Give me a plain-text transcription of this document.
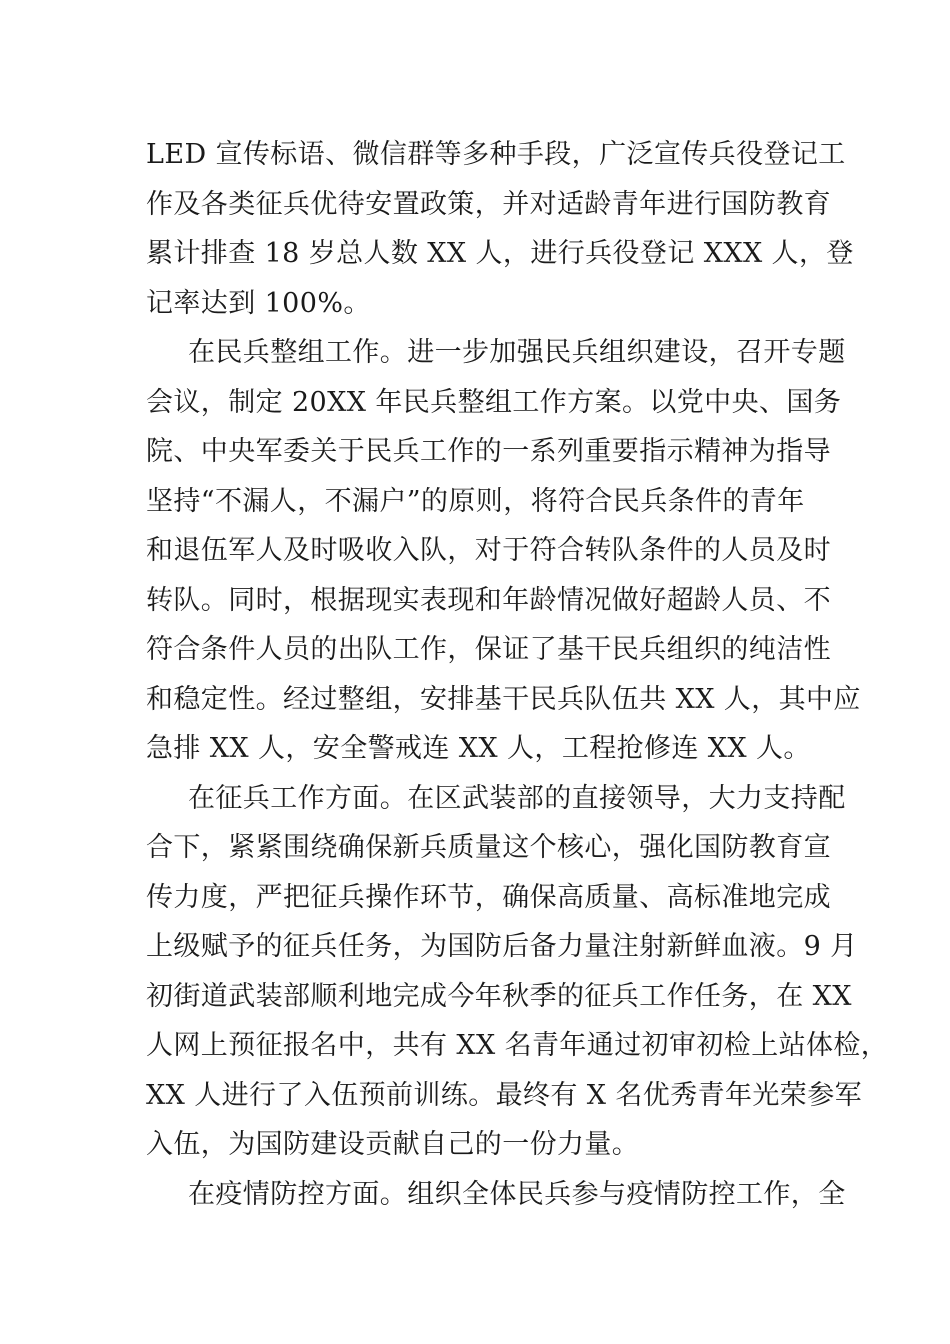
LED 宣传标语、微信群等多种手段，广泛宣传兵役登记工
作及各类征兵优待安置政策，并对适龄青年进行国防教育
累计排查 18 岁总人数 XX 人，进行兵役登记 XXX 人，登
记率达到 100%。

在民兵整组工作。进一步加强民兵组织建设，召开专题
会议，制定 20XX 年民兵整组工作方案。以党中央、国务
院、中央军委关于民兵工作的一系列重要指示精神为指导
坚持“不漏人，不漏户”的原则，将符合民兵条件的青年
和退伍军人及时吸收入队，对于符合转队条件的人员及时
转队。同时，根据现实表现和年龄情况做好超龄人员、不
符合条件人员的出队工作，保证了基干民兵组织的纯洁性
和稳定性。经过整组，安排基干民兵队伍共 XX 人，其中应
急排 XX 人，安全警戒连 XX 人，工程抢修连 XX 人。

在征兵工作方面。在区武装部的直接领导，大力支持配
合下，紧紧围绕确保新兵质量这个核心，强化国防教育宣
传力度，严把征兵操作环节，确保高质量、高标准地完成
上级赋予的征兵任务，为国防后备力量注射新鲜血液。9 月
初街道武装部顺利地完成今年秋季的征兵工作任务，在 XX
人网上预征报名中，共有 XX 名青年通过初审初检上站体检，
XX 人进行了入伍预前训练。最终有 X 名优秀青年光荣参军
入伍，为国防建设贡献自己的一份力量。

在疫情防控方面。组织全体民兵参与疫情防控工作，全
